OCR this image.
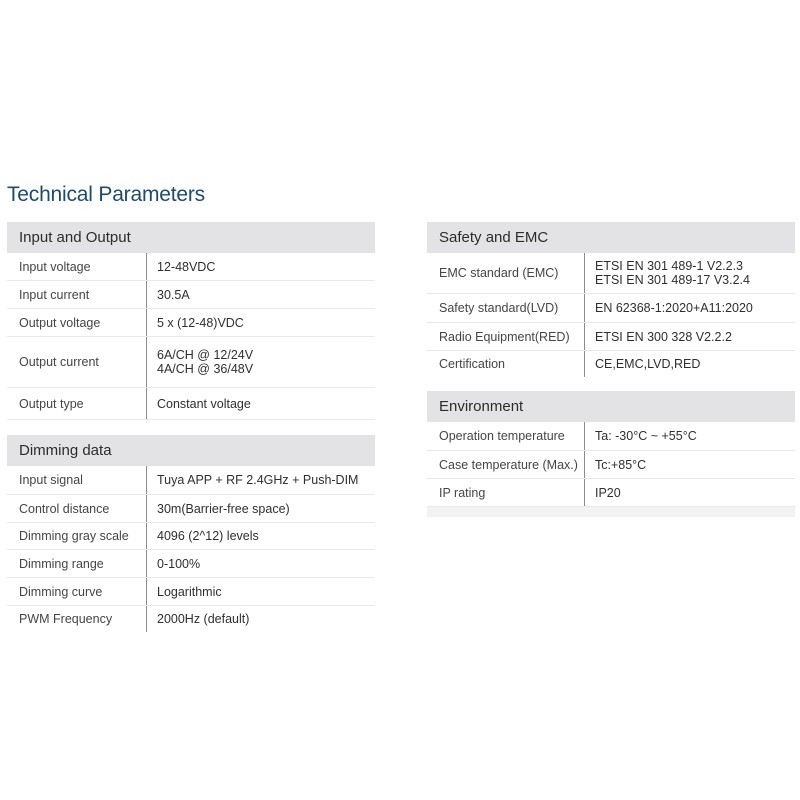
Technical Parameters
Input and Output
Input voltage	12-48VDC
Input current	30.5A
Output voltage	5 x (12-48)VDC
Output current	6A/CH @ 12/24V
4A/CH @ 36/48V
Output type	Constant voltage
Dimming data
Input signal	Tuya APP + RF 2.4GHz + Push-DIM
Control distance	30m(Barrier-free space)
Dimming gray scale	4096 (2^12) levels
Dimming range	0-100%
Dimming curve	Logarithmic
PWM Frequency	2000Hz (default)
Safety and EMC
EMC standard (EMC)	ETSI EN 301 489-1 V2.2.3
ETSI EN 301 489-17 V3.2.4
Safety standard(LVD)	EN 62368-1:2020+A11:2020
Radio Equipment(RED)	ETSI EN 300 328 V2.2.2
Certification	CE,EMC,LVD,RED
Environment
Operation temperature	Ta: -30°C ~ +55°C
Case temperature (Max.)	Tc:+85°C
IP rating	IP20
